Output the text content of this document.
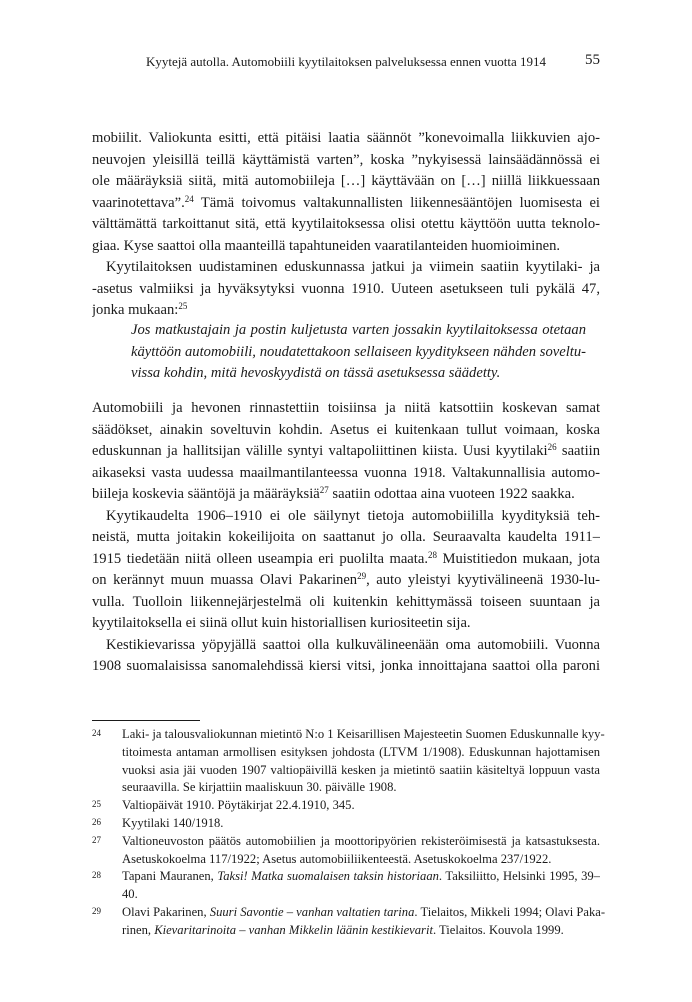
Kyytejä autolla. Automobiili kyytilaitoksen palveluksessa ennen vuotta 1914	55
mobiilit. Valiokunta esitti, että pitäisi laatia säännöt ”konevoimalla liikkuvien ajo-
neuvojen yleisillä teillä käyttämistä varten”, koska ”nykyisessä lainsäädännössä ei
ole määräyksiä siitä, mitä automobiileja […] käyttävään on […] niillä liikkuessaan
vaarinotettava”.$^{24}$ Tämä toivomus valtakunnallisten liikennesääntöjen luomisesta ei
välttämättä tarkoittanut sitä, että kyytilaitoksessa olisi otettu käyttöön uutta teknolo-
giaa. Kyse saattoi olla maanteillä tapahtuneiden vaaratilanteiden huomioiminen.
Kyytilaitoksen uudistaminen eduskunnassa jatkui ja viimein saatiin kyytilaki- ja
-asetus valmiiksi ja hyväksytyksi vuonna 1910. Uuteen asetukseen tuli pykälä 47,
jonka mukaan:$^{25}$
Jos matkustajain ja postin kuljetusta varten jossakin kyytilaitoksessa otetaan
käyttöön automobiili, noudatettakoon sellaiseen kyyditykseen nähden soveltu-
vissa kohdin, mitä hevoskyydistä on tässä asetuksessa säädetty.
Automobiili ja hevonen rinnastettiin toisiinsa ja niitä katsottiin koskevan samat
säädökset, ainakin soveltuvin kohdin. Asetus ei kuitenkaan tullut voimaan, koska
eduskunnan ja hallitsijan välille syntyi valtapoliittinen kiista. Uusi kyytilaki$^{26}$ saatiin
aikaseksi vasta uudessa maailmantilanteessa vuonna 1918. Valtakunnallisia automo-
biileja koskevia sääntöjä ja määräyksiä$^{27}$ saatiin odottaa aina vuoteen 1922 saakka.
Kyytikaudelta 1906–1910 ei ole säilynyt tietoja automobiililla kyydityksiä teh-
neistä, mutta joitakin kokeilijoita on saattanut jo olla. Seuraavalta kaudelta 1911–
1915 tiedetään niitä olleen useampia eri puolilta maata.$^{28}$ Muistitiedon mukaan, jota
on kerännyt muun muassa Olavi Pakarinen$^{29}$, auto yleistyi kyytivälineenä 1930-lu-
vulla. Tuolloin liikennejärjestelmä oli kuitenkin kehittymässä toiseen suuntaan ja
kyytilaitoksella ei siinä ollut kuin historiallisen kuriositeetin sija.
Kestikievarissa yöpyjällä saattoi olla kulkuvälineenään oma automobiili. Vuonna
1908 suomalaisissa sanomalehdissä kiersi vitsi, jonka innoittajana saattoi olla paroni
24 Laki- ja talousvaliokunnan mietintö N:o 1 Keisarillisen Majesteetin Suomen Eduskunnalle kyy-
titoimesta antaman armollisen esityksen johdosta (LTVM 1/1908). Eduskunnan hajottamisen
vuoksi asia jäi vuoden 1907 valtiopäivillä kesken ja mietintö saatiin käsiteltyä loppuun vasta
seuraavilla. Se kirjattiin maaliskuun 30. päivälle 1908.
25 Valtiopäivät 1910. Pöytäkirjat 22.4.1910, 345.
26 Kyytilaki 140/1918.
27 Valtioneuvoston päätös automobiilien ja moottoripyörien rekisteröimisestä ja katsastuksesta.
Asetuskokoelma 117/1922; Asetus automobiiliikenteestä. Asetuskokoelma 237/1922.
28 Tapani Mauranen, Taksi! Matka suomalaisen taksin historiaan. Taksiliitto, Helsinki 1995, 39–
40.
29 Olavi Pakarinen, Suuri Savontie – vanhan valtatien tarina. Tielaitos, Mikkeli 1994; Olavi Paka-
rinen, Kievaritarinoita – vanhan Mikkelin läänin kestikievarit. Tielaitos. Kouvola 1999.
